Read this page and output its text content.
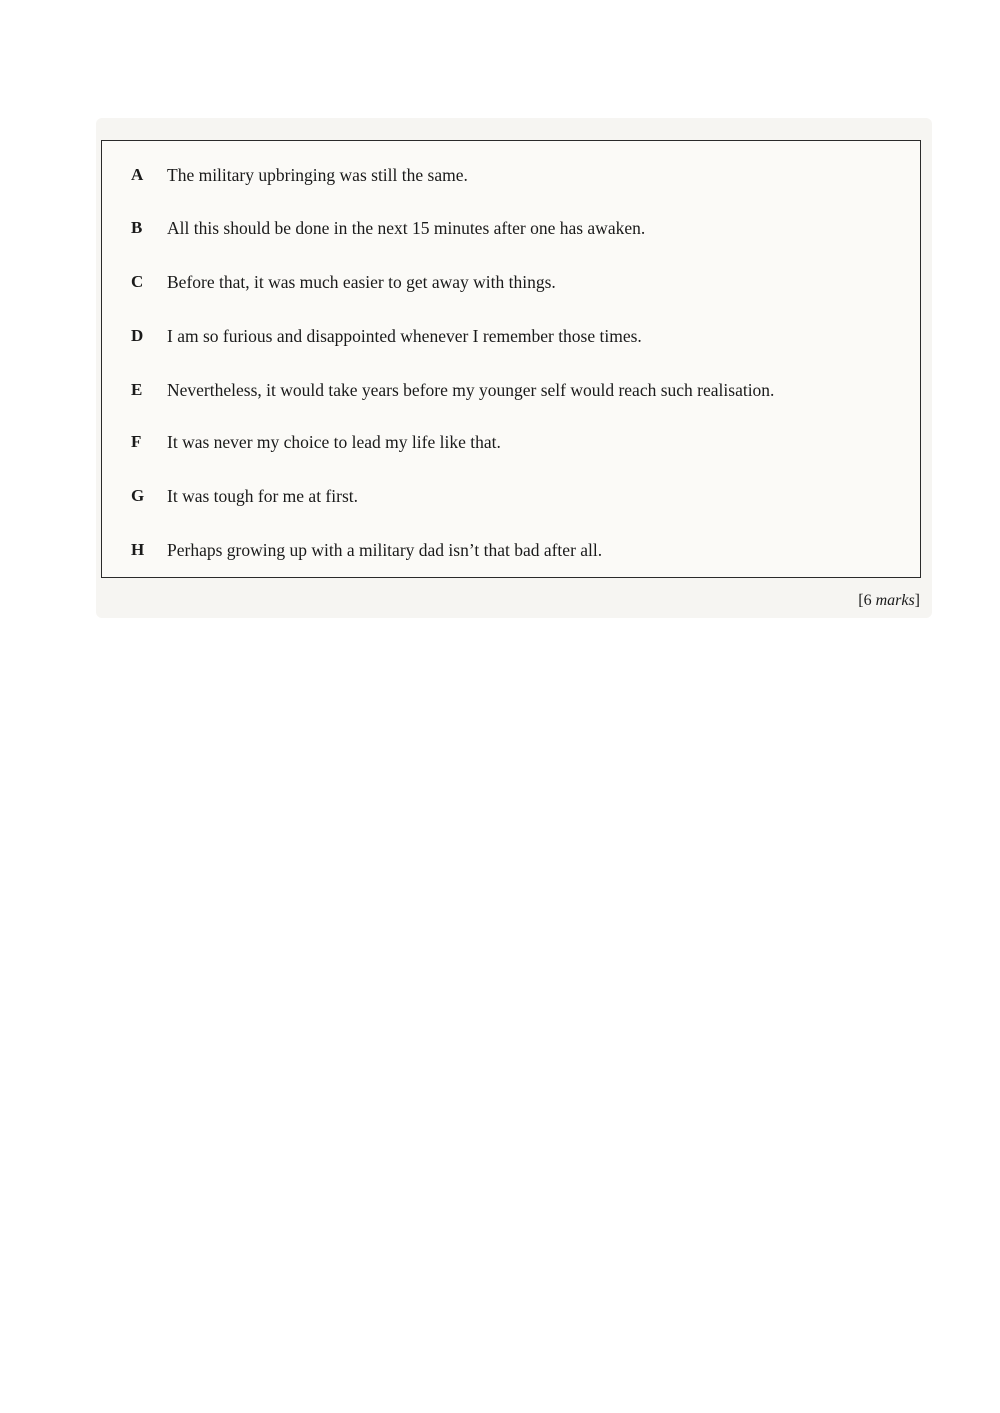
A	The military upbringing was still the same.
B	All this should be done in the next 15 minutes after one has awaken.
C	Before that, it was much easier to get away with things.
D	I am so furious and disappointed whenever I remember those times.
E	Nevertheless, it would take years before my younger self would reach such realisation.
F	It was never my choice to lead my life like that.
G	It was tough for me at first.
H	Perhaps growing up with a military dad isn’t that bad after all.
[6 marks]
